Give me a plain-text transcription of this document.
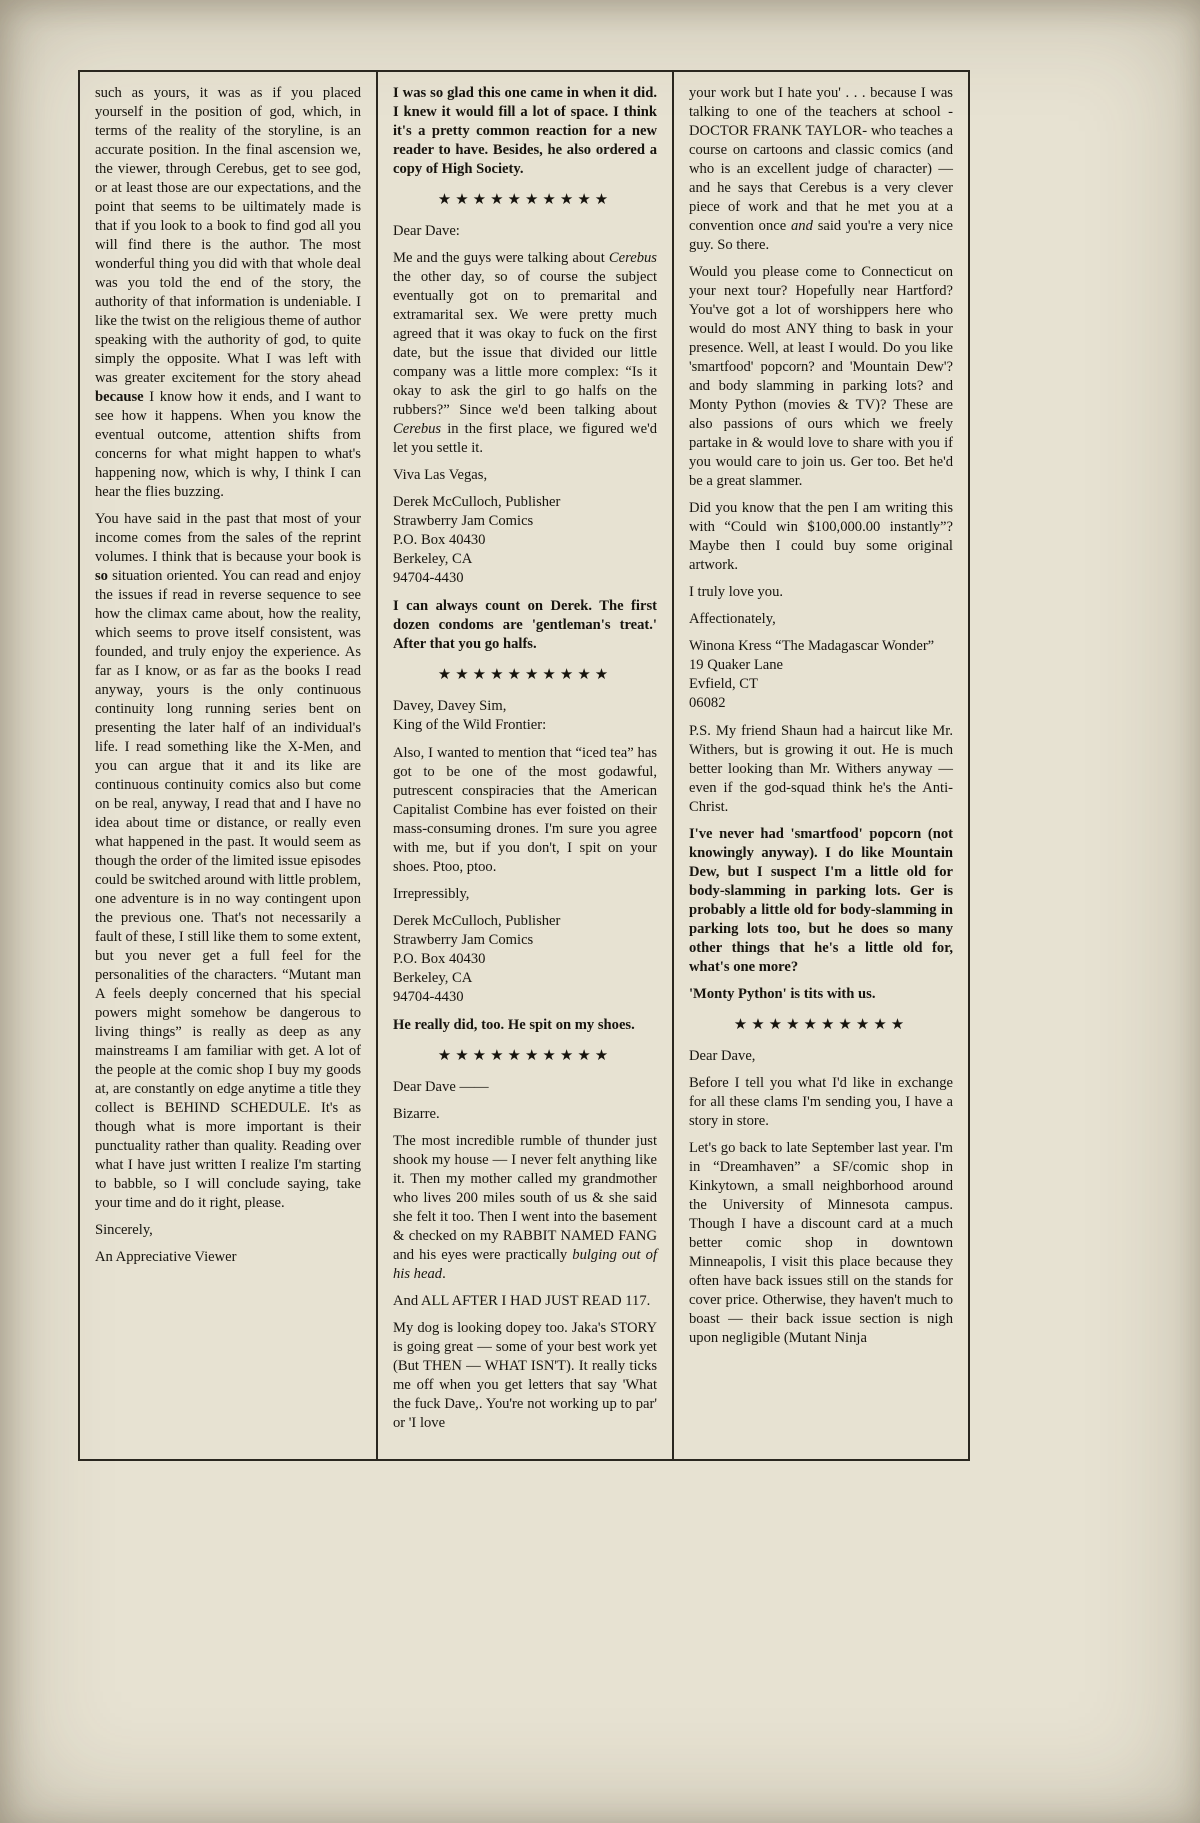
such as yours, it was as if you placed yourself in the position of god, which, in terms of the reality of the storyline, is an accurate position. In the final ascension we, the viewer, through Cerebus, get to see god, or at least those are our expectations, and the point that seems to be uiltimately made is that if you look to a book to find god all you will find there is the author. The most wonderful thing you did with that whole deal was you told the end of the story, the authority of that information is undeniable. I like the twist on the religious theme of author speaking with the authority of god, to quite simply the opposite. What I was left with was greater excitement for the story ahead because I know how it ends, and I want to see how it happens. When you know the eventual outcome, attention shifts from concerns for what might happen to what's happening now, which is why, I think I can hear the flies buzzing.

You have said in the past that most of your income comes from the sales of the reprint volumes. I think that is because your book is so situation oriented. You can read and enjoy the issues if read in reverse sequence to see how the climax came about, how the reality, which seems to prove itself consistent, was founded, and truly enjoy the experience. As far as I know, or as far as the books I read anyway, yours is the only continuous continuity long running series bent on presenting the later half of an individual's life. I read something like the X-Men, and you can argue that it and its like are continuous continuity comics also but come on be real, anyway, I read that and I have no idea about time or distance, or really even what happened in the past. It would seem as though the order of the limited issue episodes could be switched around with little problem, one adventure is in no way contingent upon the previous one. That's not necessarily a fault of these, I still like them to some extent, but you never get a full feel for the personalities of the characters. “Mutant man A feels deeply concerned that his special powers might somehow be dangerous to living things” is really as deep as any mainstreams I am familiar with get. A lot of the people at the comic shop I buy my goods at, are constantly on edge anytime a title they collect is BEHIND SCHEDULE. It's as though what is more important is their punctuality rather than quality. Reading over what I have just written I realize I'm starting to babble, so I will conclude saying, take your time and do it right, please.

Sincerely,

An Appreciative Viewer

I was so glad this one came in when it did. I knew it would fill a lot of space. I think it's a pretty common reaction for a new reader to have. Besides, he also ordered a copy of High Society.

★★★★★★★★★★

Dear Dave:

Me and the guys were talking about Cerebus the other day, so of course the subject eventually got on to premarital and extramarital sex. We were pretty much agreed that it was okay to fuck on the first date, but the issue that divided our little company was a little more complex: “Is it okay to ask the girl to go halfs on the rubbers?” Since we'd been talking about Cerebus in the first place, we figured we'd let you settle it.

Viva Las Vegas,

Derek McCulloch, Publisher
Strawberry Jam Comics
P.O. Box 40430
Berkeley, CA
94704-4430

I can always count on Derek. The first dozen condoms are 'gentleman's treat.' After that you go halfs.

★★★★★★★★★★
Davey, Davey Sim,
King of the Wild Frontier:

Also, I wanted to mention that “iced tea” has got to be one of the most godawful, putrescent conspiracies that the American Capitalist Combine has ever foisted on their mass-consuming drones. I'm sure you agree with me, but if you don't, I spit on your shoes. Ptoo, ptoo.

Irrepressibly,

Derek McCulloch, Publisher
Strawberry Jam Comics
P.O. Box 40430
Berkeley, CA
94704-4430

He really did, too. He spit on my shoes.

★★★★★★★★★★

Dear Dave ——

Bizarre.

The most incredible rumble of thunder just shook my house — I never felt anything like it. Then my mother called my grandmother who lives 200 miles south of us & she said she felt it too. Then I went into the basement & checked on my RABBIT NAMED FANG and his eyes were practically bulging out of his head.

And ALL AFTER I HAD JUST READ 117.

My dog is looking dopey too. Jaka's STORY is going great — some of your best work yet (But THEN — WHAT ISN'T). It really ticks me off when you get letters that say 'What the fuck Dave,. You're not working up to par' or 'I love

your work but I hate you' . . . because I was talking to one of the teachers at school -DOCTOR FRANK TAYLOR- who teaches a course on cartoons and classic comics (and who is an excellent judge of character) — and he says that Cerebus is a very clever piece of work and that he met you at a convention once and said you're a very nice guy. So there.

Would you please come to Connecticut on your next tour? Hopefully near Hartford? You've got a lot of worshippers here who would do most ANY thing to bask in your presence. Well, at least I would. Do you like 'smartfood' popcorn? and 'Mountain Dew'? and body slamming in parking lots? and Monty Python (movies & TV)? These are also passions of ours which we freely partake in & would love to share with you if you would care to join us. Ger too. Bet he'd be a great slammer.

Did you know that the pen I am writing this with “Could win $100,000.00 instantly”? Maybe then I could buy some original artwork.

I truly love you.

Affectionately,

Winona Kress “The Madagascar Wonder”
19 Quaker Lane
Evfield, CT
06082

P.S. My friend Shaun had a haircut like Mr. Withers, but is growing it out. He is much better looking than Mr. Withers anyway — even if the god-squad think he's the Anti-Christ.

I've never had 'smartfood' popcorn (not knowingly anyway). I do like Mountain Dew, but I suspect I'm a little old for body-slamming in parking lots. Ger is probably a little old for body-slamming in parking lots too, but he does so many other things that he's a little old for, what's one more?

'Monty Python' is tits with us.

★★★★★★★★★★

Dear Dave,

Before I tell you what I'd like in exchange for all these clams I'm sending you, I have a story in store.

Let's go back to late September last year. I'm in “Dreamhaven” a SF/comic shop in Kinkytown, a small neighborhood around the University of Minnesota campus. Though I have a discount card at a much better comic shop in downtown Minneapolis, I visit this place because they often have back issues still on the stands for cover price. Otherwise, they haven't much to boast — their back issue section is nigh upon negligible (Mutant Ninja
